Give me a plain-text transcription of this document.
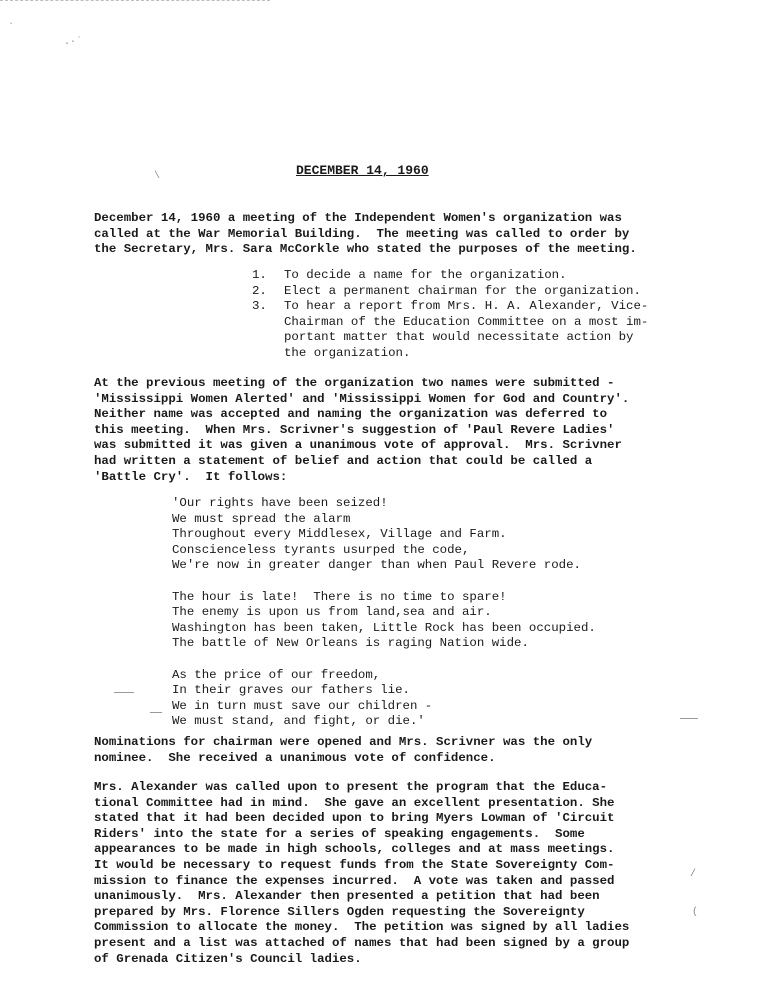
`
.·˙
\	DECEMBER 14, 1960
December 14, 1960 a meeting of the Independent Women's organization was
called at the War Memorial Building.  The meeting was called to order by
the Secretary, Mrs. Sara McCorkle who stated the purposes of the meeting.
1.	To decide a name for the organization.
2.	Elect a permanent chairman for the organization.
3.	To hear a report from Mrs. H. A. Alexander, Vice-
Chairman of the Education Committee on a most im-
portant matter that would necessitate action by
the organization.
At the previous meeting of the organization two names were submitted -
'Mississippi Women Alerted' and 'Mississippi Women for God and Country'.
Neither name was accepted and naming the organization was deferred to
this meeting.  When Mrs. Scrivner's suggestion of 'Paul Revere Ladies'
was submitted it was given a unanimous vote of approval.  Mrs. Scrivner
had written a statement of belief and action that could be called a
'Battle Cry'.  It follows:
'Our rights have been seized!
We must spread the alarm
Throughout every Middlesex, Village and Farm.
Conscienceless tyrants usurped the code,
We're now in greater danger than when Paul Revere rode.
The hour is late!  There is no time to spare!
The enemy is upon us from land,sea and air.
Washington has been taken, Little Rock has been occupied.
The battle of New Orleans is raging Nation wide.
As the price of our freedom,
In their graves our fathers lie.
We in turn must save our children -
We must stand, and fight, or die.'
Nominations for chairman were opened and Mrs. Scrivner was the only
nominee.  She received a unanimous vote of confidence.
Mrs. Alexander was called upon to present the program that the Educa-
tional Committee had in mind.  She gave an excellent presentation. She
stated that it had been decided upon to bring Myers Lowman of 'Circuit
Riders' into the state for a series of speaking engagements.  Some
appearances to be made in high schools, colleges and at mass meetings.
It would be necessary to request funds from the State Sovereignty Com-
mission to finance the expenses incurred.  A vote was taken and passed
unanimously.  Mrs. Alexander then presented a petition that had been
prepared by Mrs. Florence Sillers Ogden requesting the Sovereignty
Commission to allocate the money.  The petition was signed by all ladies
present and a list was attached of names that had been signed by a group
of Grenada Citizen's Council ladies.
/
(
